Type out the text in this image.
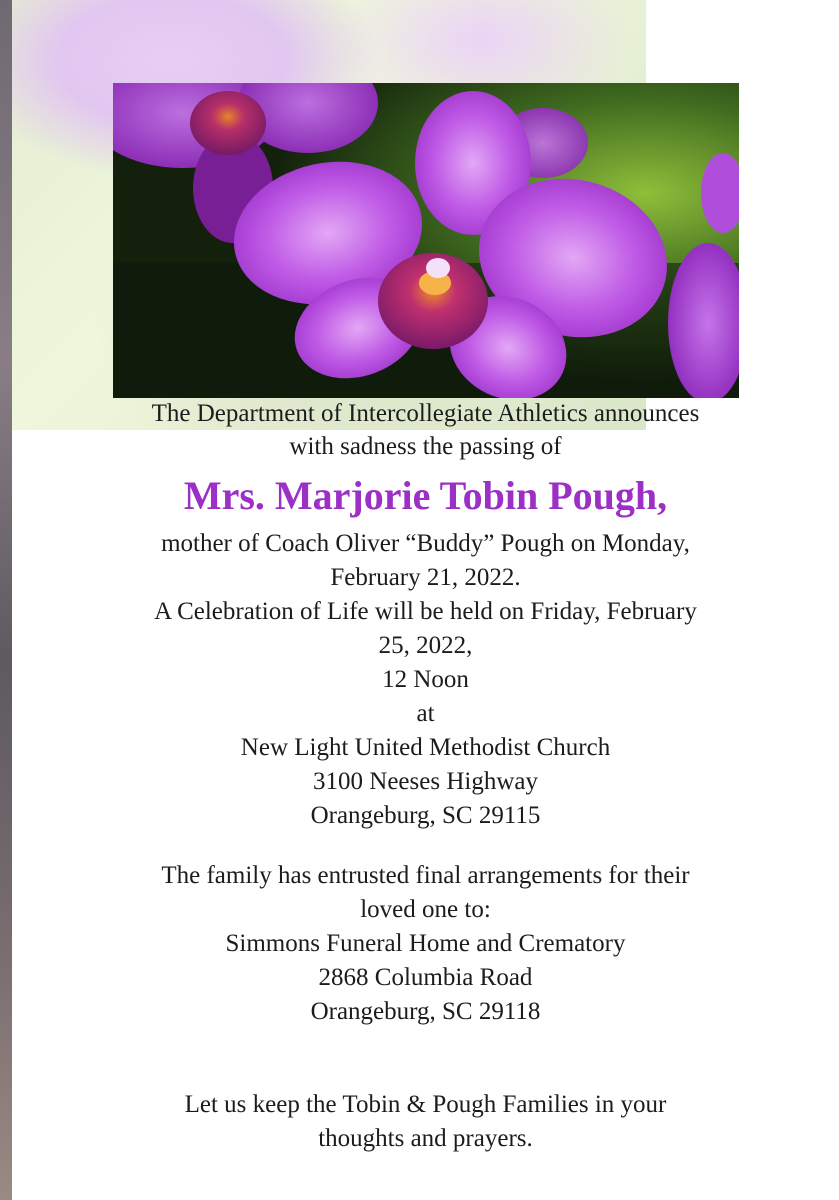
The Department of Intercollegiate Athletics announces
with sadness the passing of
Mrs. Marjorie Tobin Pough,
mother of Coach Oliver “Buddy” Pough on Monday,
February 21, 2022.
A Celebration of Life will be held on Friday, February
25, 2022,
12 Noon
at
New Light United Methodist Church
3100 Neeses Highway
Orangeburg, SC 29115
The family has entrusted final arrangements for their
loved one to:
Simmons Funeral Home and Crematory
2868 Columbia Road
Orangeburg, SC 29118
Let us keep the Tobin & Pough Families in your
thoughts and prayers.
